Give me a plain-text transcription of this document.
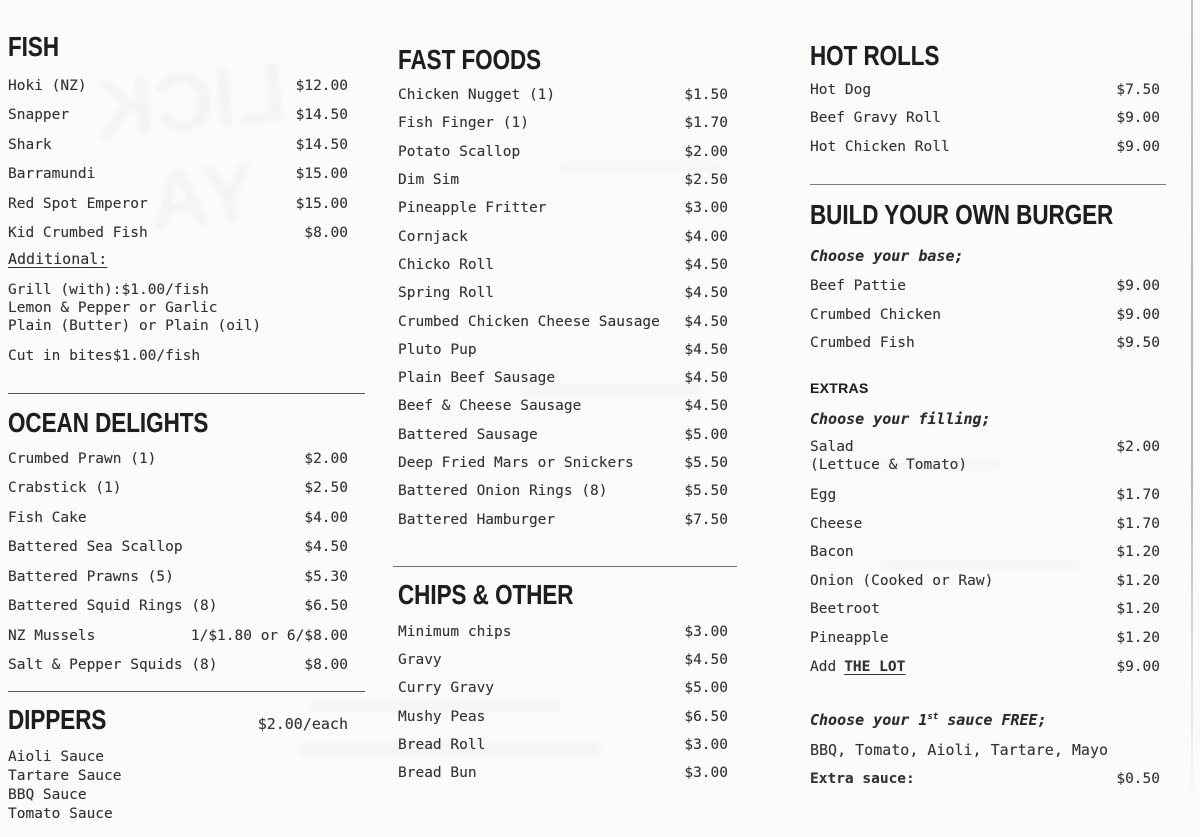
LICK
YA
FISH
Hoki (NZ)	$12.00
Snapper	$14.50
Shark	$14.50
Barramundi	$15.00
Red Spot Emperor	$15.00
Kid Crumbed Fish	$8.00
Additional:
Grill (with):$1.00/fish
Lemon & Pepper or Garlic
Plain (Butter) or Plain (oil)
Cut in bites$1.00/fish
OCEAN DELIGHTS
Crumbed Prawn (1)	$2.00
Crabstick (1)	$2.50
Fish Cake	$4.00
Battered Sea Scallop	$4.50
Battered Prawns (5)	$5.30
Battered Squid Rings (8)	$6.50
NZ Mussels	1/$1.80 or 6/$8.00
Salt & Pepper Squids (8)	$8.00
DIPPERS	$2.00/each
Aioli Sauce
Tartare Sauce
BBQ Sauce
Tomato Sauce
FAST FOODS
Chicken Nugget (1)	$1.50
Fish Finger (1)	$1.70
Potato Scallop	$2.00
Dim Sim	$2.50
Pineapple Fritter	$3.00
Cornjack	$4.00
Chicko Roll	$4.50
Spring Roll	$4.50
Crumbed Chicken Cheese Sausage $4.50
Pluto Pup	$4.50
Plain Beef Sausage	$4.50
Beef & Cheese Sausage	$4.50
Battered Sausage	$5.00
Deep Fried Mars or Snickers	$5.50
Battered Onion Rings (8)	$5.50
Battered Hamburger	$7.50
CHIPS & OTHER
Minimum chips	$3.00
Gravy	$4.50
Curry Gravy	$5.00
Mushy Peas	$6.50
Bread Roll	$3.00
Bread Bun	$3.00
HOT ROLLS
Hot Dog	$7.50
Beef Gravy Roll	$9.00
Hot Chicken Roll	$9.00
BUILD YOUR OWN BURGER
Choose your base;
Beef Pattie	$9.00
Crumbed Chicken	$9.00
Crumbed Fish	$9.50
EXTRAS
Choose your filling;
Salad	$2.00
(Lettuce & Tomato)
Egg	$1.70
Cheese	$1.70
Bacon	$1.20
Onion (Cooked or Raw)	$1.20
Beetroot	$1.20
Pineapple	$1.20
Add THE LOT	$9.00
Choose your 1st sauce FREE;
BBQ, Tomato, Aioli, Tartare, Mayo
Extra sauce:	$0.50
